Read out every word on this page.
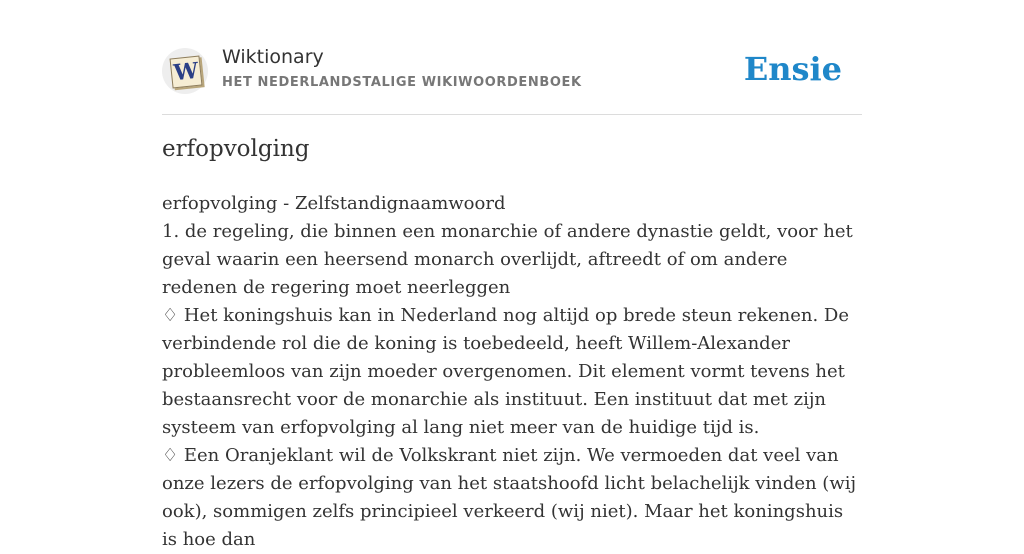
W
Wiktionary
HET NEDERLANDSTALIGE WIKIWOORDENBOEK	Ensie
erfopvolging

erfopvolging - Zelfstandignaamwoord

1. de regeling, die binnen een monarchie of andere dynastie geldt, voor het geval waarin een heersend monarch overlijdt, aftreedt of om andere redenen de regering moet neerleggen

♢ Het koningshuis kan in Nederland nog altijd op brede steun rekenen. De verbindende rol die de koning is toebedeeld, heeft Willem-Alexander probleemloos van zijn moeder overgenomen. Dit element vormt tevens het bestaansrecht voor de monarchie als instituut. Een instituut dat met zijn systeem van erfopvolging al lang niet meer van de huidige tijd is.

♢ Een Oranjeklant wil de Volkskrant niet zijn. We vermoeden dat veel van onze lezers de erfopvolging van het staatshoofd licht belachelijk vinden (wij ook), sommigen zelfs principieel verkeerd (wij niet). Maar het koningshuis is hoe dan
